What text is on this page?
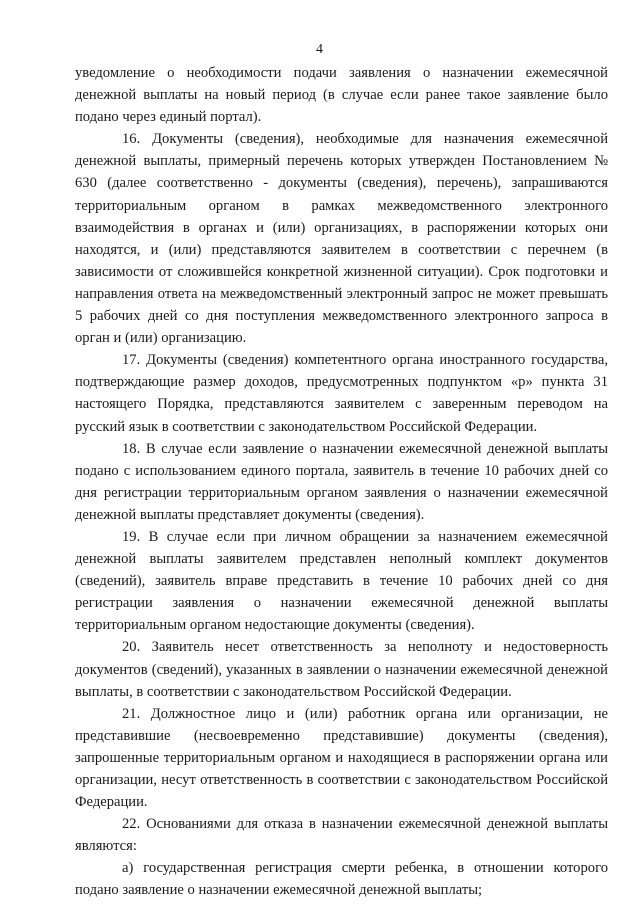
4

уведомление о необходимости подачи заявления о назначении ежемесячной денежной выплаты на новый период (в случае если ранее такое заявление было подано через единый портал).

16. Документы (сведения), необходимые для назначения ежемесячной денежной выплаты, примерный перечень которых утвержден Постановлением № 630 (далее соответственно - документы (сведения), перечень), запрашиваются территориальным органом в рамках межведомственного электронного взаимодействия в органах и (или) организациях, в распоряжении которых они находятся, и (или) представляются заявителем в соответствии с перечнем (в зависимости от сложившейся конкретной жизненной ситуации). Срок подготовки и направления ответа на межведомственный электронный запрос не может превышать 5 рабочих дней со дня поступления межведомственного электронного запроса в орган и (или) организацию.

17. Документы (сведения) компетентного органа иностранного государства, подтверждающие размер доходов, предусмотренных подпунктом «р» пункта 31 настоящего Порядка, представляются заявителем с заверенным переводом на русский язык в соответствии с законодательством Российской Федерации.

18. В случае если заявление о назначении ежемесячной денежной выплаты подано с использованием единого портала, заявитель в течение 10 рабочих дней со дня регистрации территориальным органом заявления о назначении ежемесячной денежной выплаты представляет документы (сведения).

19. В случае если при личном обращении за назначением ежемесячной денежной выплаты заявителем представлен неполный комплект документов (сведений), заявитель вправе представить в течение 10 рабочих дней со дня регистрации заявления о назначении ежемесячной денежной выплаты территориальным органом недостающие документы (сведения).

20. Заявитель несет ответственность за неполноту и недостоверность документов (сведений), указанных в заявлении о назначении ежемесячной денежной выплаты, в соответствии с законодательством Российской Федерации.

21. Должностное лицо и (или) работник органа или организации, не представившие (несвоевременно представившие) документы (сведения), запрошенные территориальным органом и находящиеся в распоряжении органа или организации, несут ответственность в соответствии с законодательством Российской Федерации.

22. Основаниями для отказа в назначении ежемесячной денежной выплаты являются:

а) государственная регистрация смерти ребенка, в отношении которого подано заявление о назначении ежемесячной денежной выплаты;
